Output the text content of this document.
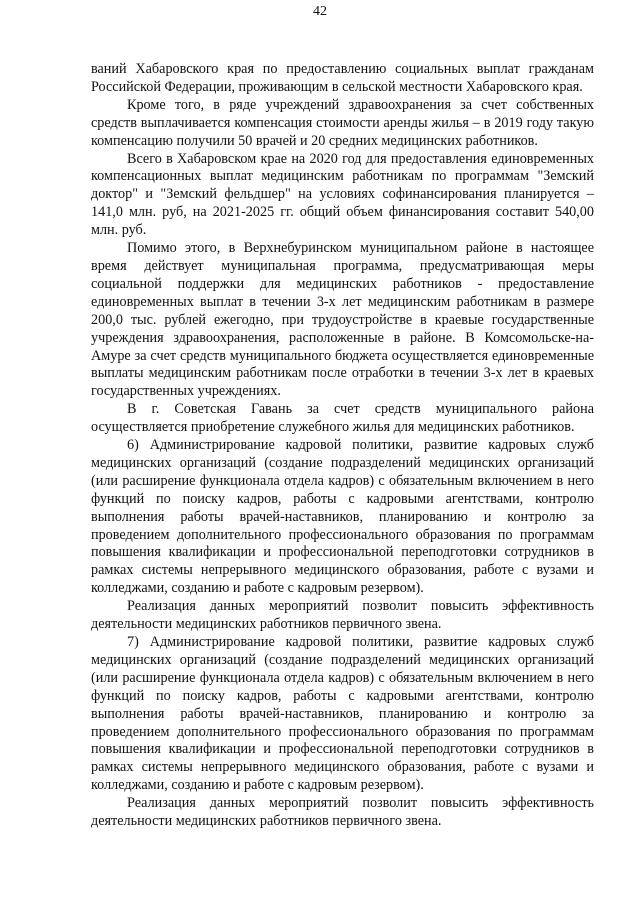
42

ваний Хабаровского края по предоставлению социальных выплат гражданам Российской Федерации, проживающим в сельской местности Хабаровского края.

Кроме того, в ряде учреждений здравоохранения за счет собственных средств выплачивается компенсация стоимости аренды жилья – в 2019 году такую компенсацию получили 50 врачей и 20 средних медицинских работников.

Всего в Хабаровском крае на 2020 год для предоставления единовременных компенсационных выплат медицинским работникам по программам "Земский доктор" и "Земский фельдшер" на условиях софинансирования планируется – 141,0 млн. руб, на 2021-2025 гг. общий объем финансирования составит 540,00 млн. руб.

Помимо этого, в Верхнебуринском муниципальном районе в настоящее время действует муниципальная программа, предусматривающая меры социальной поддержки для медицинских работников - предоставление единовременных выплат в течении 3-х лет медицинским работникам в размере 200,0 тыс. рублей ежегодно, при трудоустройстве в краевые государственные учреждения здравоохранения, расположенные в районе. В Комсомольске-на-Амуре за счет средств муниципального бюджета осуществляется единовременные выплаты медицинским работникам после отработки в течении 3-х лет в краевых государственных учреждениях.

В г. Советская Гавань за счет средств муниципального района осуществляется приобретение служебного жилья для медицинских работников.

6) Администрирование кадровой политики, развитие кадровых служб медицинских организаций (создание подразделений медицинских организаций (или расширение функционала отдела кадров) с обязательным включением в него функций по поиску кадров, работы с кадровыми агентствами, контролю выполнения работы врачей-наставников, планированию и контролю за проведением дополнительного профессионального образования по программам повышения квалификации и профессиональной переподготовки сотрудников в рамках системы непрерывного медицинского образования, работе с вузами и колледжами, созданию и работе с кадровым резервом).

Реализация данных мероприятий позволит повысить эффективность деятельности медицинских работников первичного звена.

7) Администрирование кадровой политики, развитие кадровых служб медицинских организаций (создание подразделений медицинских организаций (или расширение функционала отдела кадров) с обязательным включением в него функций по поиску кадров, работы с кадровыми агентствами, контролю выполнения работы врачей-наставников, планированию и контролю за проведением дополнительного профессионального образования по программам повышения квалификации и профессиональной переподготовки сотрудников в рамках системы непрерывного медицинского образования, работе с вузами и колледжами, созданию и работе с кадровым резервом).

Реализация данных мероприятий позволит повысить эффективность деятельности медицинских работников первичного звена.
